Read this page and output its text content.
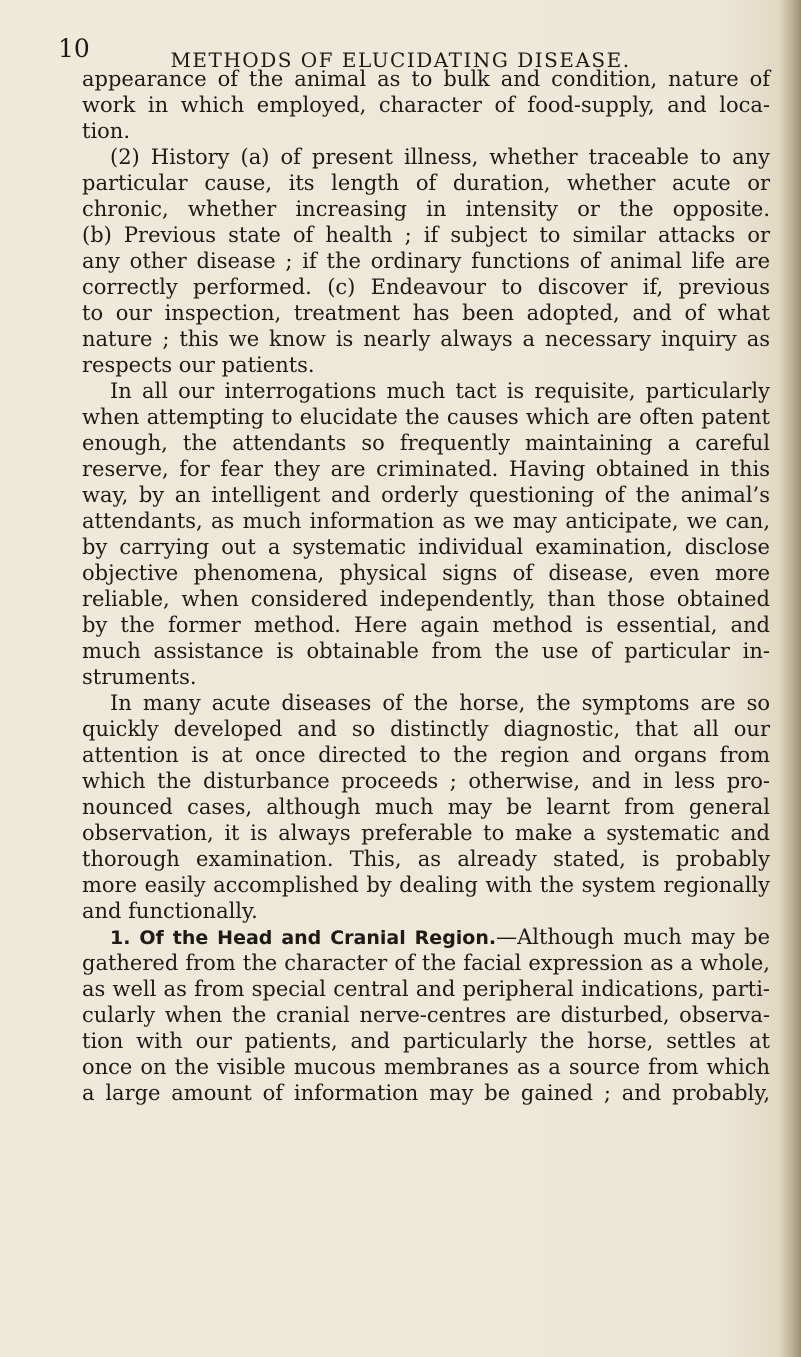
10	METHODS OF ELUCIDATING DISEASE.
appearance of the animal as to bulk and condition, nature of
work in which employed, character of food-supply, and loca-
tion.
(2) History (a) of present illness, whether traceable to any
particular cause, its length of duration, whether acute or
chronic, whether increasing in intensity or the opposite.
(b) Previous state of health ; if subject to similar attacks or
any other disease ; if the ordinary functions of animal life are
correctly performed. (c) Endeavour to discover if, previous
to our inspection, treatment has been adopted, and of what
nature ; this we know is nearly always a necessary inquiry as
respects our patients.
In all our interrogations much tact is requisite, particularly
when attempting to elucidate the causes which are often patent
enough, the attendants so frequently maintaining a careful
reserve, for fear they are criminated. Having obtained in this
way, by an intelligent and orderly questioning of the animal’s
attendants, as much information as we may anticipate, we can,
by carrying out a systematic individual examination, disclose
objective phenomena, physical signs of disease, even more
reliable, when considered independently, than those obtained
by the former method. Here again method is essential, and
much assistance is obtainable from the use of particular in-
struments.
In many acute diseases of the horse, the symptoms are so
quickly developed and so distinctly diagnostic, that all our
attention is at once directed to the region and organs from
which the disturbance proceeds ; otherwise, and in less pro-
nounced cases, although much may be learnt from general
observation, it is always preferable to make a systematic and
thorough examination. This, as already stated, is probably
more easily accomplished by dealing with the system regionally
and functionally.
1. Of the Head and Cranial Region.—Although much may be
gathered from the character of the facial expression as a whole,
as well as from special central and peripheral indications, parti-
cularly when the cranial nerve-centres are disturbed, observa-
tion with our patients, and particularly the horse, settles at
once on the visible mucous membranes as a source from which
a large amount of information may be gained ; and probably,
